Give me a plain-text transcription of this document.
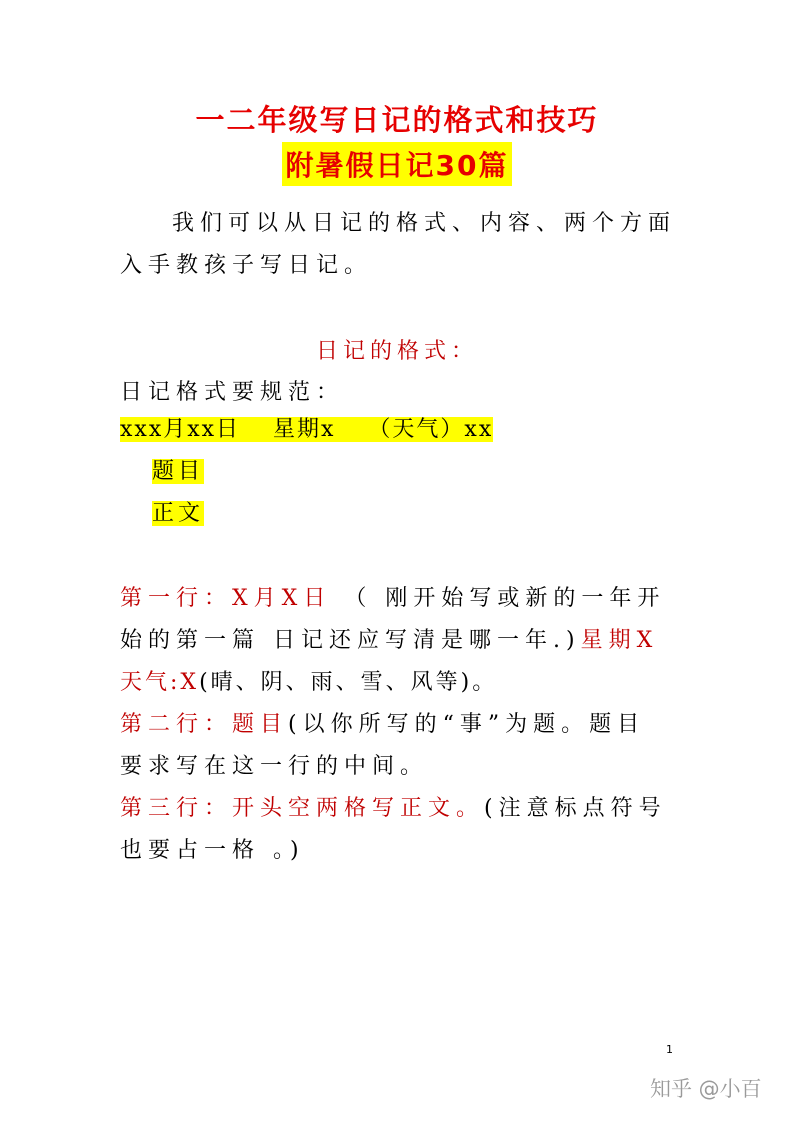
一二年级写日记的格式和技巧
附暑假日记30篇
我们可以从日记的格式、内容、两个方面
入手教孩子写日记。
日记的格式：
日记格式要规范：
xxx月xx日　 星期x　 （天气）xx
题目
正文
第一行：X月X日 （ 刚开始写或新的一年开
始的第一篇 日记还应写清是哪一年.)星期X
天气:X(晴、阴、雨、雪、风等)。
第二行：题目(以你所写的“事”为题。题目
要求写在这一行的中间。
第三行：开头空两格写正文。(注意标点符号
也要占一格 。)
1
知乎 @小百
